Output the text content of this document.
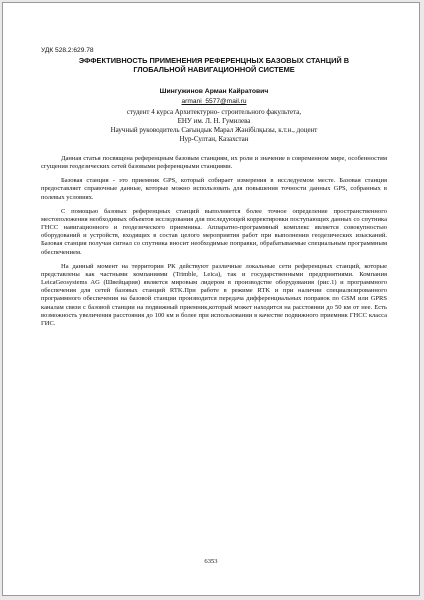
УДК 528.2:629.78

ЭФФЕКТИВНОСТЬ ПРИМЕНЕНИЯ РЕФЕРЕНЦНЫХ БАЗОВЫХ СТАНЦИЙ В

ГЛОБАЛЬНОЙ НАВИГАЦИОННОЙ СИСТЕМЕ

Шингужинов Арман Кайратович

armani_5577@mail.ru

студент 4 курса Архитектурно- строительного факультета,

ЕНУ им. Л. Н. Гумилева

Научный руководитель Сағындык Марал Жәнібілқызы, к.т.н., доцент

Нур-Султан, Казахстан

Данная статья посвящена референцным базовым станциям, их роли и значение в современном мире, особенностям сгущения геодезических сетей базовыми референцными станциями.

Базовая станция - это приемник GPS, который собирает измерения в исследуемом месте. Базовая станция предоставляет справочные данные, которые можно использовать для повышения точности данных GPS, собранных в полевых условиях.

С помощью базовых референцных станций выполняется более точное определение пространственного местоположения необходимых объектов исследования для последующей корректировки поступающих данных со спутника ГНСС навигационного и геодезического приемника. Аппаратно-программный комплекс является совокупностью оборудований и устройств, входящих в состав целого мероприятия работ при выполнении геодезических изысканий. Базовая станция получая сигнал со спутника вносит необходимые поправки, обрабатываемые специальным программным обеспечением.

На данный момент на территории РК действуют различные локальные сети референцных станций, которые представлены как частными компаниями (Trimble, Leica), так и государственными предприятиями. Компания LeicaGeosystems AG (Швейцария) является мировым лидером в производстве оборудования (рис.1) и программного обеспечения для сетей базовых станций RTK.При работе в режиме RTK и при наличии специализированного программного обеспечения на базовой станции производится передача дифференциальных поправок по GSM или GPRS каналам связи с базовой станции на подвижный приемник,который может находится на расстоянии до 50 км от нее. Есть возможность увеличения расстояния до 100 км и более при использовании в качестве подвижного приемник ГНСС класса ГИС.

6353
